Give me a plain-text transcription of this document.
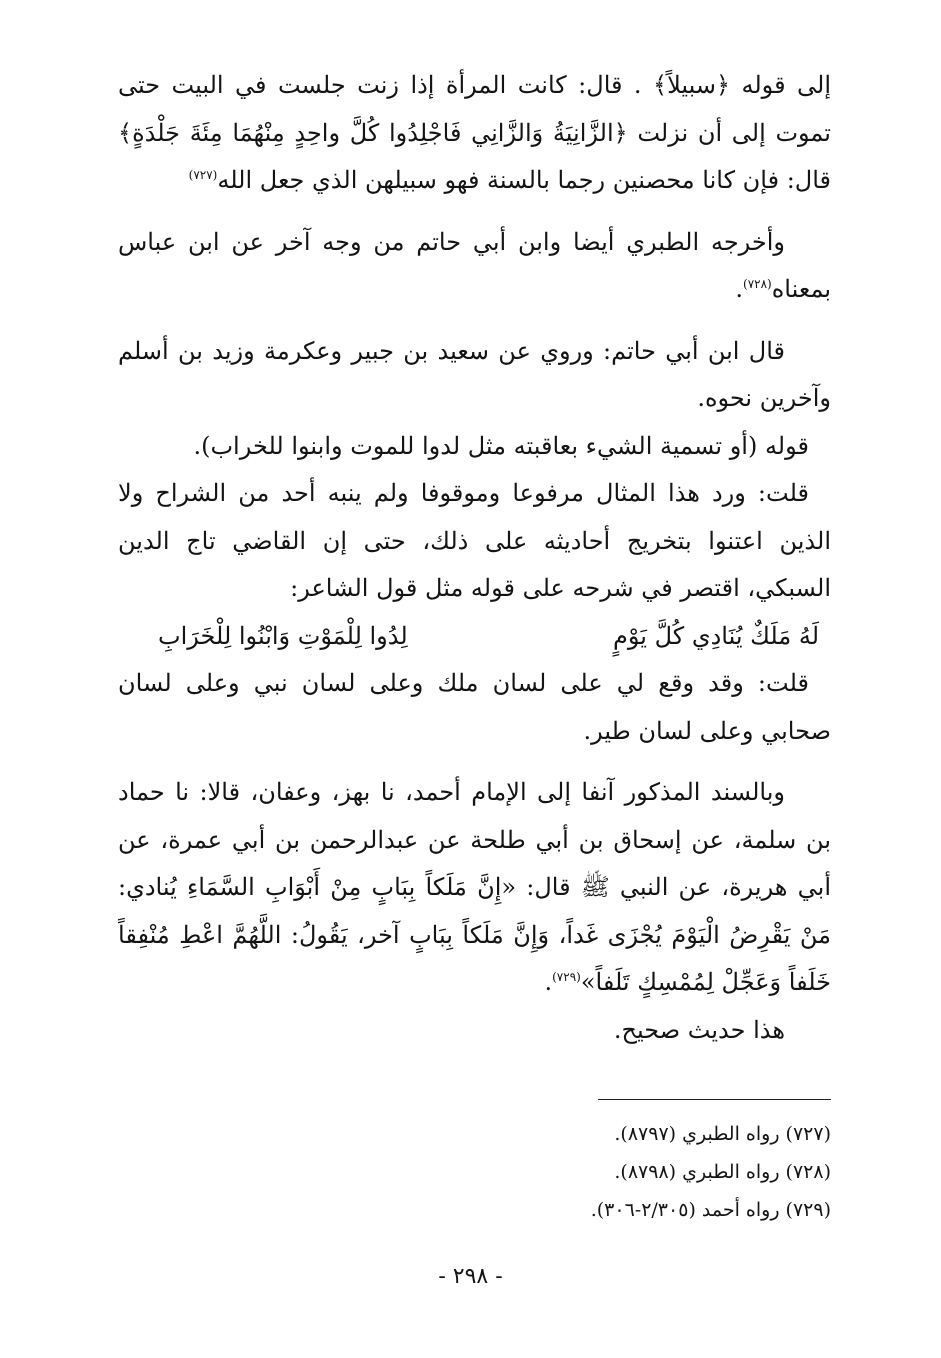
إلى قوله ﴿سبيلاً﴾ . قال: كانت المرأة إذا زنت جلست في البيت حتى تموت إلى أن نزلت ﴿الزَّانِيَةُ وَالزَّانِي فَاجْلِدُوا كُلَّ واحِدٍ مِنْهُمَا مِئَةَ جَلْدَةٍ﴾ قال: فإن كانا محصنين رجما بالسنة فهو سبيلهن الذي جعل الله$^{(٧٢٧)}$

وأخرجه الطبري أيضا وابن أبي حاتم من وجه آخر عن ابن عباس بمعناه$^{(٧٢٨)}$.

قال ابن أبي حاتم: وروي عن سعيد بن جبير وعكرمة وزيد بن أسلم وآخرين نحوه.

قوله (أو تسمية الشيء بعاقبته مثل لدوا للموت وابنوا للخراب).

قلت: ورد هذا المثال مرفوعا وموقوفا ولم ينبه أحد من الشراح ولا الذين اعتنوا بتخريج أحاديثه على ذلك، حتى إن القاضي تاج الدين السبكي، اقتصر في شرحه على قوله مثل قول الشاعر:

لَهُ مَلَكٌ يُنَادِي كُلَّ يَوْمٍ
لِدُوا لِلْمَوْتِ وَابْنُوا لِلْخَرَابِ

قلت: وقد وقع لي على لسان ملك وعلى لسان نبي وعلى لسان صحابي وعلى لسان طير.

وبالسند المذكور آنفا إلى الإمام أحمد، نا بهز، وعفان، قالا: نا حماد بن سلمة، عن إسحاق بن أبي طلحة عن عبدالرحمن بن أبي عمرة، عن أبي هريرة، عن النبي ﷺ قال: «إِنَّ مَلَكاً بِبَابٍ مِنْ أَبْوَابِ السَّمَاءِ يُنادي: مَنْ يَقْرِضُ الْيَوْمَ يُجْزَى غَداً، وَإِنَّ مَلَكاً بِبَابٍ آخر، يَقُولُ: اللَّهُمَّ اعْطِ مُنْفِقاً خَلَفاً وَعَجِّلْ لِمُمْسِكٍ تَلَفاً»$^{(٧٢٩)}$.

هذا حديث صحيح.

(٧٢٧) رواه الطبري (٨٧٩٧).
(٧٢٨) رواه الطبري (٨٧٩٨).
(٧٢٩) رواه أحمد (٢/٣٠٥-٣٠٦).
- ٢٩٨ -
